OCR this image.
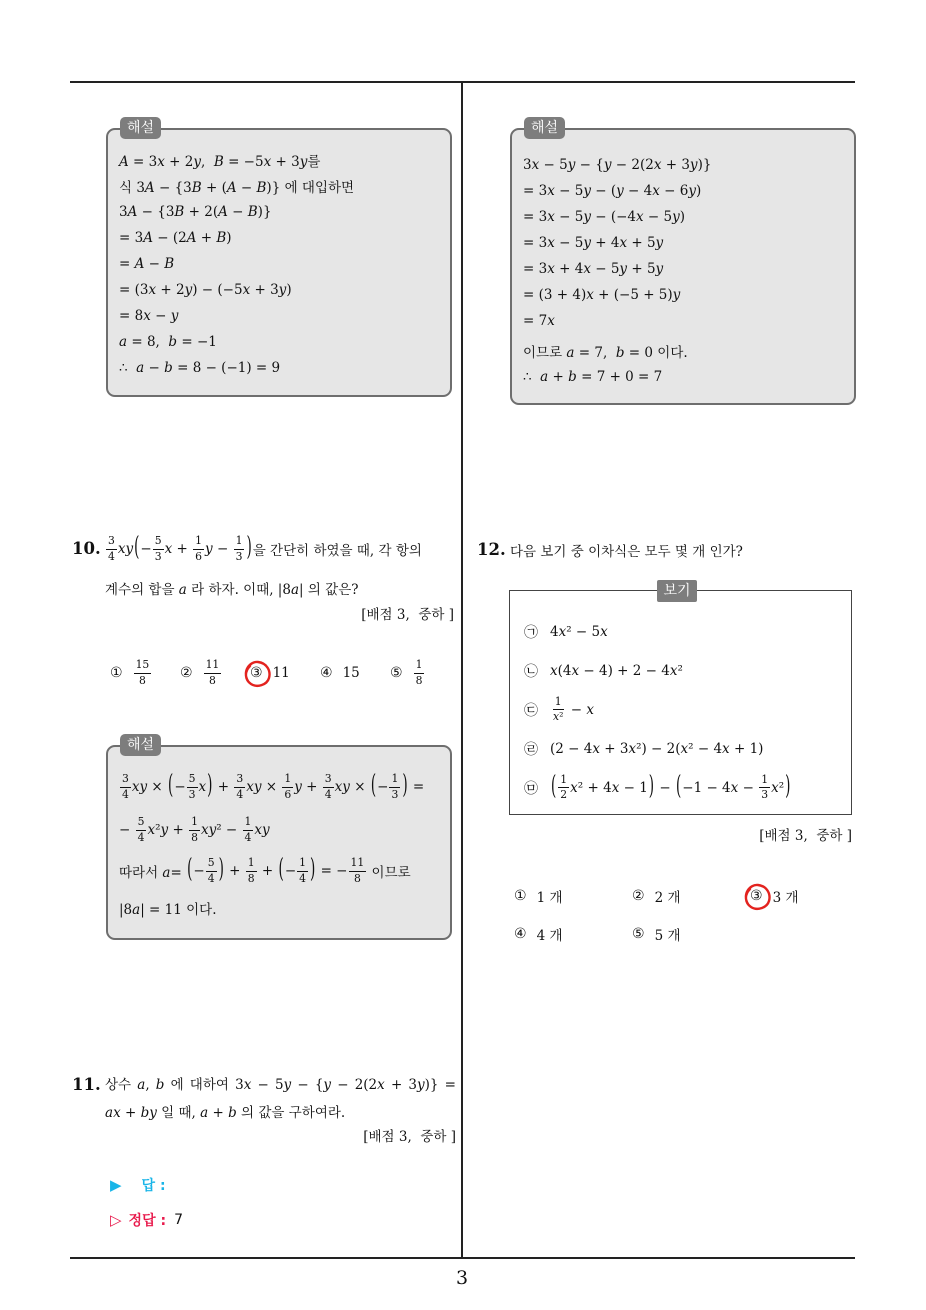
해설
A = 3x + 2y,  B = −5x + 3y를
식 3A − {3B + (A − B)} 에 대입하면
3A − {3B + 2(A − B)}
= 3A − (2A + B)
= A − B
= (3x + 2y) − (−5x + 3y)
= 8x − y
a = 8,  b = −1
∴  a − b = 8 − (−1) = 9
해설
3x − 5y − {y − 2(2x + 3y)}
= 3x − 5y − (y − 4x − 6y)
= 3x − 5y − (−4x − 5y)
= 3x − 5y + 4x + 5y
= 3x + 4x − 5y + 5y
= (3 + 4)x + (−5 + 5)y
= 7x
이므로 a = 7,  b = 0 이다.
∴  a + b = 7 + 0 = 7
10. $\frac{3}{4}$ xy ( − $\frac{5}{3}$ $x + \frac{1}{6}$ $y - \frac{1}{3}$ ) 을 간단히 하였을 때, 각 항의
계수의 합을 a 라 하자. 이때, |8a| 의 값은?
[배점 3,  중하 ]
① $\frac{15}{8}$ ② $\frac{11}{8}$ ③ 11 ④ 15 ⑤ $\frac{1}{8}$
해설
$\frac{3}{4}$ xy × ( − $\frac{5}{3}$ x ) + $\frac{3}{4}$ xy × $\frac{1}{6}$ $y + \frac{3}{4}$ xy × ( − $\frac{1}{3}$ ) =
− $\frac{5}{4} x^2y + \frac{1}{8} xy^2 - \frac{1}{4}$ xy
따라서 a= ( − $\frac{5}{4}$ ) + $\frac{1}{8}$ + ( − $\frac{1}{4}$ ) = − $\frac{11}{8}$ 이므로
|8a| = 11 이다.
11. 상수 a, b 에 대하여 3x − 5y − {y − 2(2x + 3y)} =
ax + by 일 때, a + b 의 값을 구하여라.
[배점 3,  중하 ]
▶ 답 :
▷ 정답 : 7
12. 다음 보기 중 이차식은 모두 몇 개 인가?
보기
㉠ 4x² − 5x
㉡ x(4x − 4) + 2 − 4x²
㉢	$\frac{1}{\text{x²}} - x$
㉣ (2 − 4x + 3x²) − 2(x² − 4x + 1)
㉤ ( $\frac{1}{2} x^2 + 4x - 1$ ) − ( $-1 - 4x - \frac{1}{3} x^2$ )
[배점 3,  중하 ]
① 1 개	② 2 개	③ 3 개
④ 4 개	⑤ 5 개
3
